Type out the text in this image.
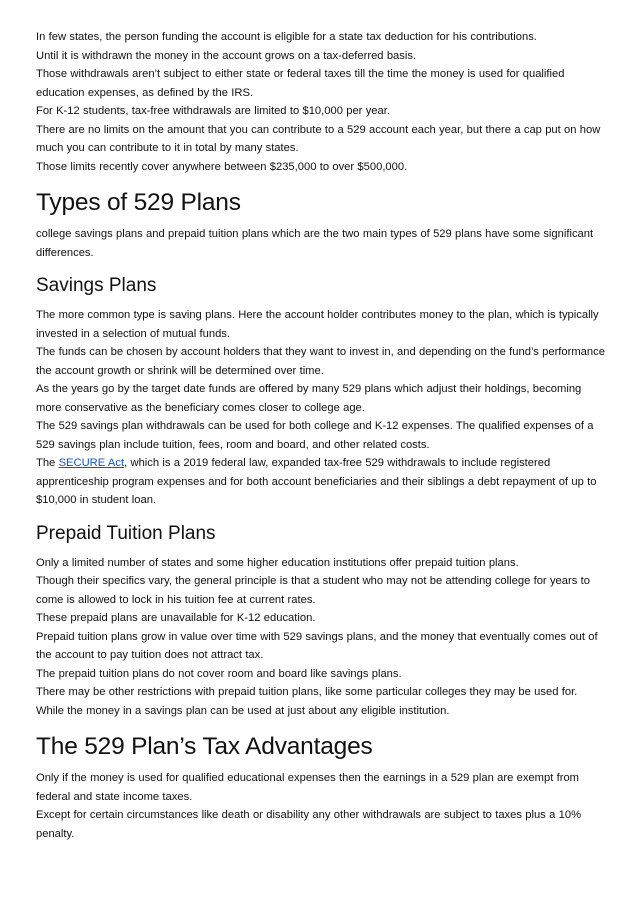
In few states, the person funding the account is eligible for a state tax deduction for his contributions.

Until it is withdrawn the money in the account grows on a tax-deferred basis.

Those withdrawals aren’t subject to either state or federal taxes till the time the money is used for qualified education expenses, as defined by the IRS.

For K-12 students, tax-free withdrawals are limited to $10,000 per year.

There are no limits on the amount that you can contribute to a 529 account each year, but there a cap put on how much you can contribute to it in total by many states.

Those limits recently cover anywhere between $235,000 to over $500,000.

Types of 529 Plans

college savings plans and prepaid tuition plans which are the two main types of 529 plans have some significant differences.

Savings Plans

The more common type is saving plans. Here the account holder contributes money to the plan, which is typically invested in a selection of mutual funds.

The funds can be chosen by account holders that they want to invest in, and depending on the fund’s performance the account growth or shrink will be determined over time.

As the years go by the target date funds are offered by many 529 plans which adjust their holdings, becoming more conservative as the beneficiary comes closer to college age.

The 529 savings plan withdrawals can be used for both college and K-12 expenses. The qualified expenses of a 529 savings plan include tuition, fees, room and board, and other related costs.

The SECURE Act, which is a 2019 federal law, expanded tax-free 529 withdrawals to include registered apprenticeship program expenses and for both account beneficiaries and their siblings a debt repayment of up to $10,000 in student loan.

Prepaid Tuition Plans

Only a limited number of states and some higher education institutions offer prepaid tuition plans.

Though their specifics vary, the general principle is that a student who may not be attending college for years to come is allowed to lock in his tuition fee at current rates.

These prepaid plans are unavailable for K-12 education.

Prepaid tuition plans grow in value over time with 529 savings plans, and the money that eventually comes out of the account to pay tuition does not attract tax.

The prepaid tuition plans do not cover room and board like savings plans.

There may be other restrictions with prepaid tuition plans, like some particular colleges they may be used for.

While the money in a savings plan can be used at just about any eligible institution.

The 529 Plan’s Tax Advantages

Only if the money is used for qualified educational expenses then the earnings in a 529 plan are exempt from federal and state income taxes.

Except for certain circumstances like death or disability any other withdrawals are subject to taxes plus a 10% penalty.
